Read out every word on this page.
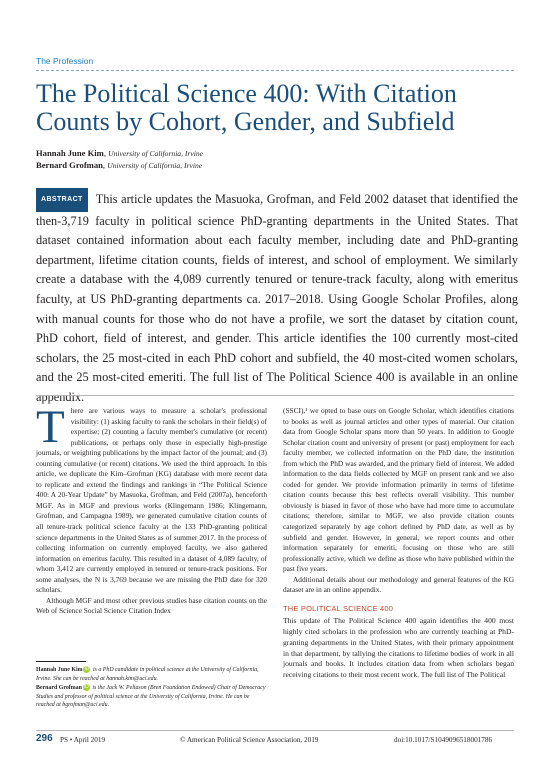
The Profession
The Political Science 400: With Citation Counts by Cohort, Gender, and Subfield
Hannah June Kim, University of California, Irvine
Bernard Grofman, University of California, Irvine
ABSTRACT This article updates the Masuoka, Grofman, and Feld 2002 dataset that identified the then-3,719 faculty in political science PhD-granting departments in the United States. That dataset contained information about each faculty member, including date and PhD-granting department, lifetime citation counts, fields of interest, and school of employment. We similarly create a database with the 4,089 currently tenured or tenure-track faculty, along with emeritus faculty, at US PhD-granting departments ca. 2017–2018. Using Google Scholar Profiles, along with manual counts for those who do not have a profile, we sort the dataset by citation count, PhD cohort, field of interest, and gender. This article identifies the 100 currently most-cited scholars, the 25 most-cited in each PhD cohort and subfield, the 40 most-cited women scholars, and the 25 most-cited emeriti. The full list of The Political Science 400 is available in an online appendix.

There are various ways to measure a scholar's professional visibility: (1) asking faculty to rank the scholars in their field(s) of expertise; (2) counting a faculty member's cumulative (or recent) publications, or perhaps only those in especially high-prestige journals, or weighting publications by the impact factor of the journal; and (3) counting cumulative (or recent) citations. We used the third approach. In this article, we duplicate the Kim–Grofman (KG) database with more recent data to replicate and extend the findings and rankings in “The Political Science 400: A 20-Year Update” by Masuoka, Grofman, and Feld (2007a), henceforth MGF. As in MGF and previous works (Klingemann 1986; Klingemann, Grofman, and Campagna 1989), we generated cumulative citation counts of all tenure-track political science faculty at the 133 PhD-granting political science departments in the United States as of summer 2017. In the process of collecting information on currently employed faculty, we also gathered information on emeritus faculty. This resulted in a dataset of 4,089 faculty, of whom 3,412 are currently employed in tenured or tenure-track positions. For some analyses, the N is 3,769 because we are missing the PhD date for 320 scholars.

Although MGF and most other previous studies base citation counts on the Web of Science Social Science Citation Index

(SSCI),¹ we opted to base ours on Google Scholar, which identifies citations to books as well as journal articles and other types of material. Our citation data from Google Scholar spans more than 50 years. In addition to Google Scholar citation count and university of present (or past) employment for each faculty member, we collected information on the PhD date, the institution from which the PhD was awarded, and the primary field of interest. We added information to the data fields collected by MGF on present rank and we also coded for gender. We provide information primarily in terms of lifetime citation counts because this best reflects overall visibility. This number obviously is biased in favor of those who have had more time to accumulate citations; therefore, similar to MGF, we also provide citation counts categorized separately by age cohort defined by PhD date, as well as by subfield and gender. However, in general, we report counts and other information separately for emeriti, focusing on those who are still professionally active, which we define as those who have published within the past five years.

Additional details about our methodology and general features of the KG dataset are in an online appendix.

THE POLITICAL SCIENCE 400

This update of The Political Science 400 again identifies the 400 most highly cited scholars in the profession who are currently teaching at PhD-granting departments in the United States, with their primary appointment in that department, by tallying the citations to lifetime bodies of work in all journals and books. It includes citation data from when scholars began receiving citations to their most recent work. The full list of The Political

Hannah June Kim iD is a PhD candidate in political science at the University of California, Irvine. She can be reached at hannah.kim@uci.edu.
Bernard Grofman iD is the Jack W. Peltason (Bren Foundation Endowed) Chair of Democracy Studies and professor of political science at the University of California, Irvine. He can be reached at bgrofman@uci.edu.
296 PS • April 2019	© American Political Science Association, 2019	doi:10.1017/S1049096518001786
